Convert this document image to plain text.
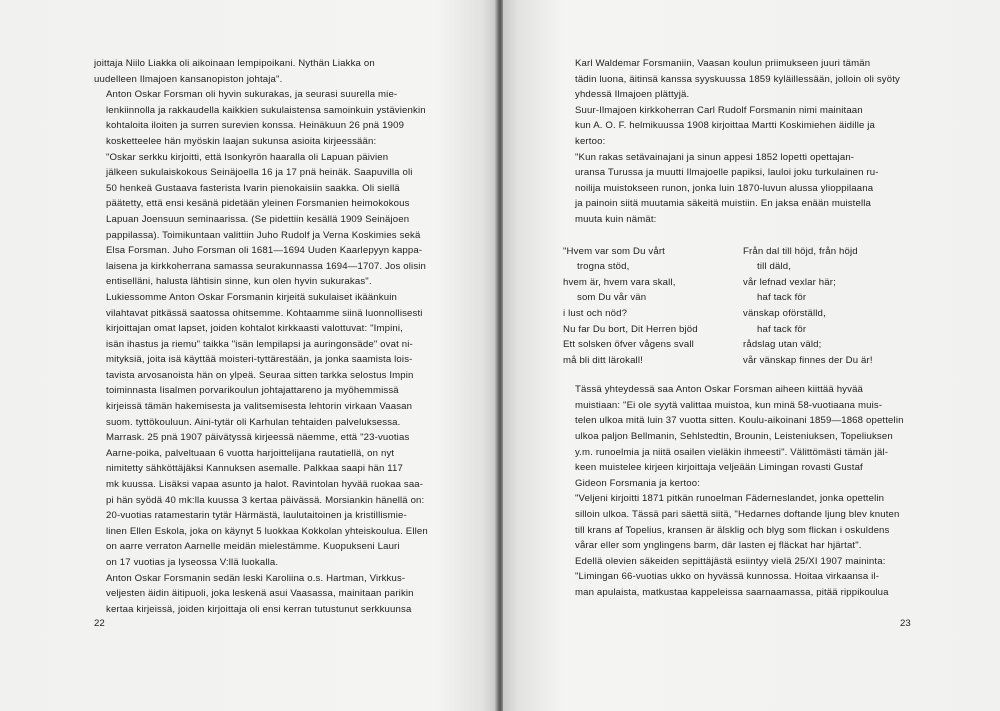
joittaja Niilo Liakka oli aikoinaan lempipoikani. Nythän Liakka on
uudelleen Ilmajoen kansanopiston johtaja".

Anton Oskar Forsman oli hyvin sukurakas, ja seurasi suurella mie-
lenkiinnolla ja rakkaudella kaikkien sukulaistensa samoinkuin ystävienkin
kohtaloita iloiten ja surren surevien konssa. Heinäkuun 26 pnä 1909
kosketteelee hän myöskin laajan sukunsa asioita kirjeessään:
"Oskar serkku kirjoitti, että Isonkyrön haaralla oli Lapuan päivien
jälkeen sukulaiskokous Seinäjoella 16 ja 17 pnä heinäk. Saapuvilla oli
50 henkeä Gustaava fasterista Ivarin pienokaisiin saakka. Oli siellä
päätetty, että ensi kesänä pidetään yleinen Forsmanien heimokokous
Lapuan Joensuun seminaarissa. (Se pidettiin kesällä 1909 Seinäjoen
pappilassa). Toimikuntaan valittiin Juho Rudolf ja Verna Koskimies sekä
Elsa Forsman. Juho Forsman oli 1681—1694 Uuden Kaarlepyyn kappa-
laisena ja kirkkoherrana samassa seurakunnassa 1694—1707. Jos olisin
entiselläni, halusta lähtisin sinne, kun olen hyvin sukurakas".

Lukiessomme Anton Oskar Forsmanin kirjeitä sukulaiset ikäänkuin
vilahtavat pitkässä saatossa ohitsemme. Kohtaamme siinä luonnollisesti
kirjoittajan omat lapset, joiden kohtalot kirkkaasti valottuvat: "Impini,
isän ihastus ja riemu" taikka "isän lempilapsi ja auringonsäde" ovat ni-
mityksiä, joita isä käyttää moisteri-tyttärestään, ja jonka saamista lois-
tavista arvosanoista hän on ylpeä. Seuraa sitten tarkka selostus Impin
toiminnasta Iisalmen porvarikoulun johtajattareno ja myöhemmissä
kirjeissä tämän hakemisesta ja valitsemisesta lehtorin virkaan Vaasan
suom. tyttökouluun. Aini-tytär oli Karhulan tehtaiden palveluksessa.
Marrask. 25 pnä 1907 päivätyssä kirjeessä näemme, että "23-vuotias
Aarne-poika, palveltuaan 6 vuotta harjoittelijana rautatiellä, on nyt
nimitetty sähköttäjäksi Kannuksen asemalle. Palkkaa saapi hän 117
mk kuussa. Lisäksi vapaa asunto ja halot. Ravintolan hyvää ruokaa saa-
pi hän syödä 40 mk:lla kuussa 3 kertaa päivässä. Morsiankin hänellä on:
20-vuotias ratamestarin tytär Härmästä, laulutaitoinen ja kristillismie-
linen Ellen Eskola, joka on käynyt 5 luokkaa Kokkolan yhteiskoulua. Ellen
on aarre verraton Aarnelle meidän mielestämme. Kuopukseni Lauri
on 17 vuotias ja lyseossa V:llä luokalla.

Anton Oskar Forsmanin sedän leski Karoliina o.s. Hartman, Virkkus-
veljesten äidin äitipuoli, joka leskenä asui Vaasassa, mainitaan parikin
kertaa kirjeissä, joiden kirjoittaja oli ensi kerran tutustunut serkkuunsa

22

Karl Waldemar Forsmaniin, Vaasan koulun priimukseen juuri tämän
tädin luona, äitinsä kanssa syyskuussa 1859 kyläillessään, jolloin oli syöty
yhdessä Ilmajoen plättyjä.

Suur-Ilmajoen kirkkoherran Carl Rudolf Forsmanin nimi mainitaan
kun A. O. F. helmikuussa 1908 kirjoittaa Martti Koskimiehen äidille ja
kertoo:

"Kun rakas setävainajani ja sinun appesi 1852 lopetti opettajan-
uransa Turussa ja muutti Ilmajoelle papiksi, lauloi joku turkulainen ru-
noilija muistokseen runon, jonka luin 1870-luvun alussa ylioppilaana
ja painoin siitä muutamia säkeitä muistiin. En jaksa enään muistella
muuta kuin nämät:

"Hvem var som Du vårt
trogna stöd,
hvem är, hvem vara skall,
som Du vår vän
i lust och nöd?
Nu far Du bort, Dit Herren bjöd
Ett solsken öfver vågens svall
må bli ditt lärokall!
Från dal till höjd, från höjd
till däld,
vår lefnad vexlar här;
haf tack för
vänskap oförställd,
haf tack för
rådslag utan väld;
vår vänskap finnes der Du är!

Tässä yhteydessä saa Anton Oskar Forsman aiheen kiittää hyvää
muistiaan: "Ei ole syytä valittaa muistoa, kun minä 58-vuotiaana muis-
telen ulkoa mitä luin 37 vuotta sitten. Koulu-aikoinani 1859—1868 opettelin
ulkoa paljon Bellmanin, Sehlstedtin, Brounin, Leisteniuksen, Topeliuksen
y.m. runoelmia ja niitä osailen vieläkin ihmeesti". Välittömästi tämän jäl-
keen muistelee kirjeen kirjoittaja veljeään Limingan rovasti Gustaf
Gideon Forsmania ja kertoo:

"Veljeni kirjoitti 1871 pitkän runoelman Fäderneslandet, jonka opettelin
silloin ulkoa. Tässä pari säettä siitä, "Hedarnes doftande ljung blev knuten
till krans af Topelius, kransen är älsklig och blyg som flickan i oskuldens
vårar eller som ynglingens barm, där lasten ej fläckat har hjärtat".

Edellä olevien säkeiden sepittäjästä esiintyy vielä 25/XI 1907 maininta:
"Limingan 66-vuotias ukko on hyvässä kunnossa. Hoitaa virkaansa il-
man apulaista, matkustaa kappeleissa saarnaamassa, pitää rippikoulua

23
